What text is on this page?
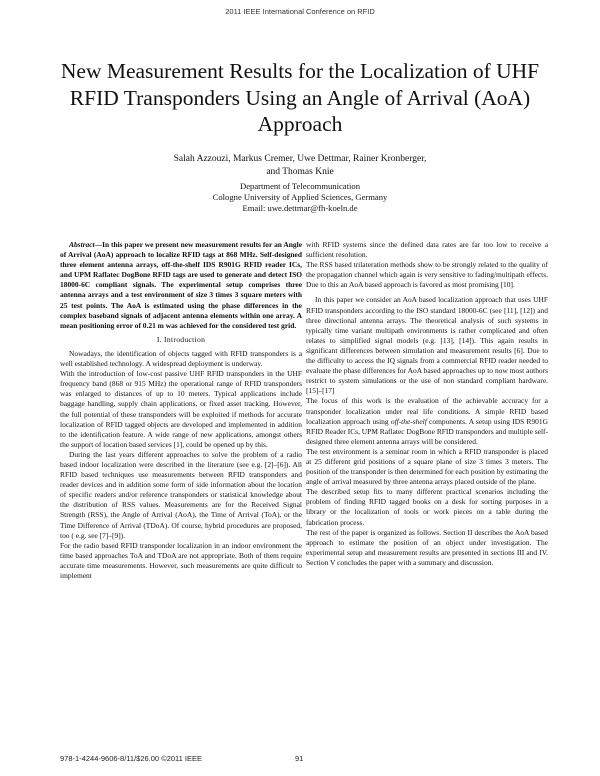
2011 IEEE International Conference on RFID
New Measurement Results for the Localization of UHF RFID Transponders Using an Angle of Arrival (AoA) Approach
Salah Azzouzi, Markus Cremer, Uwe Dettmar, Rainer Kronberger,
and Thomas Knie
Department of Telecommunication
Cologne University of Applied Sciences, Germany
Email: uwe.dettmar@fh-koeln.de

Abstract—In this paper we present new measurement results for an Angle of Arrival (AoA) approach to localize RFID tags at 868 MHz. Self-designed three element antenna arrays, off-the-shelf IDS R901G RFID reader ICs, and UPM Raflatec DogBone RFID tags are used to generate and detect ISO 18000-6C compliant signals. The experimental setup comprises three antenna arrays and a test environment of size 3 times 3 square meters with 25 test points. The AoA is estimated using the phase differences in the complex baseband signals of adjacent antenna elements within one array. A mean positioning error of 0.21 m was achieved for the considered test grid.

I. Introduction

Nowadays, the identification of objects tagged with RFID transponders is a well established technology. A widespread deployment is underway.

With the introduction of low-cost passive UHF RFID transponders in the UHF frequency band (868 or 915 MHz) the operational range of RFID transponders was enlarged to distances of up to 10 meters. Typical applications include baggage handling, supply chain applications, or fixed asset tracking. However, the full potential of these transponders will be exploited if methods for accurate localization of RFID tagged objects are developed and implemented in addition to the identification feature. A wide range of new applications, amongst others the support of location based services [1], could be opened up by this.

During the last years different approaches to solve the problem of a radio based indoor localization were described in the literature (see e.g. [2]–[6]). All RFID based techniques use measurements between RFID transponders and reader devices and in addition some form of side information about the location of specific readers and/or reference transponders or statistical knowledge about the distribution of RSS values. Measurements are for the Received Signal Strength (RSS), the Angle of Arrival (AoA), the Time of Arrival (ToA), or the Time Difference of Arrival (TDoA). Of course, hybrid procedures are proposed, too ( e.g. see [7]–[9]).

For the radio based RFID transponder localization in an indoor environment the time based approaches ToA and TDoA are not appropriate. Both of them require accurate time measurements. However, such measurements are quite difficult to implement

with RFID systems since the defined data rates are far too low to receive a sufficient resolution.

The RSS based trilateration methods show to be strongly related to the quality of the propagation channel which again is very sensitive to fading/multipath effects. Due to this an AoA based approach is favored as most promising [10].

In this paper we consider an AoA based localization approach that uses UHF RFID transponders according to the ISO standard 18000-6C (see [11], [12]) and three directional antenna arrays. The theoretical analysis of such systems in typically time variant multipath environments is rather complicated and often relates to simplified signal models (e.g. [13], [14]). This again results in significant differences between simulation and measurement results [6]. Due to the difficulty to access the IQ signals from a commercial RFID reader needed to evaluate the phase differences for AoA based approaches up to now most authors restrict to system simulations or the use of non standard compliant hardware. [15]–[17]

The focus of this work is the evaluation of the achievable accuracy for a transponder localization under real life conditions. A simple RFID based localization approach using off-the-shelf components. A setup using IDS R901G RFID Reader ICs, UPM Raflatec DogBone RFID transponders and multiple self-designed three element antenna arrays will be considered.

The test environment is a seminar room in which a RFID transponder is placed at 25 different grid positions of a square plane of size 3 times 3 meters. The position of the transponder is then determined for each position by estimating the angle of arrival measured by three antenna arrays placed outside of the plane.

The described setup fits to many different practical scenarios including the problem of finding RFID tagged books on a desk for sorting purposes in a library or the localization of tools or work pieces on a table during the fabrication process.

The rest of the paper is organized as follows. Section II describes the AoA based approach to estimate the position of an object under investigation. The experimental setup and measurement results are presented in sections III and IV. Section V concludes the paper with a summary and discussion.

978-1-4244-9606-8/11/$26.00 ©2011 IEEE	91
